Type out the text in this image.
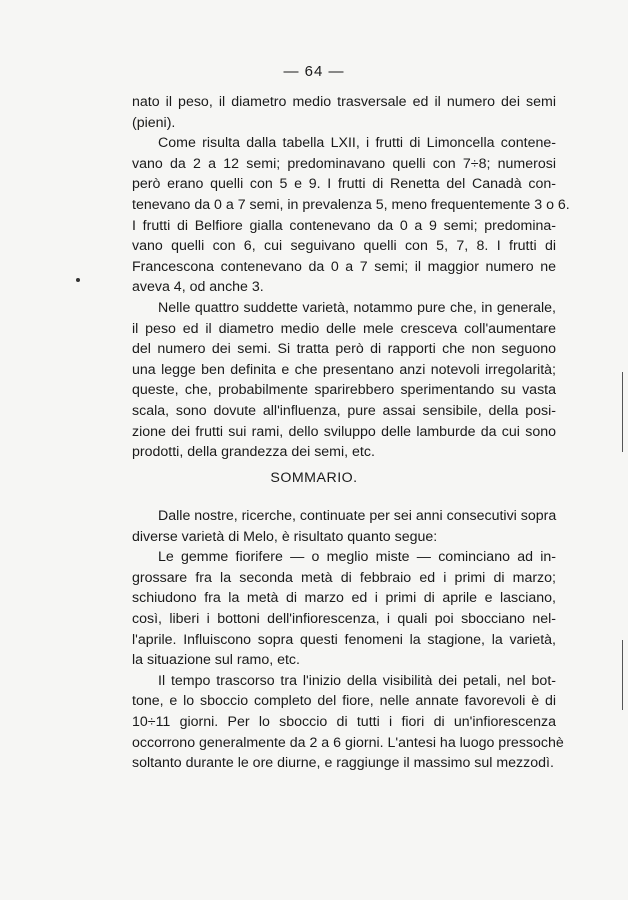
— 64 —
nato il peso, il diametro medio trasversale ed il numero dei semi
(pieni).
Come risulta dalla tabella LXII, i frutti di Limoncella contene-
vano da 2 a 12 semi; predominavano quelli con 7÷8; numerosi
però erano quelli con 5 e 9. I frutti di Renetta del Canadà con-
tenevano da 0 a 7 semi, in prevalenza 5, meno frequentemente 3 o 6.
I frutti di Belfiore gialla contenevano da 0 a 9 semi; predomina-
vano quelli con 6, cui seguivano quelli con 5, 7, 8. I frutti di
Francescona contenevano da 0 a 7 semi; il maggior numero ne
aveva 4, od anche 3.
Nelle quattro suddette varietà, notammo pure che, in generale,
il peso ed il diametro medio delle mele cresceva coll'aumentare
del numero dei semi. Si tratta però di rapporti che non seguono
una legge ben definita e che presentano anzi notevoli irregolarità;
queste, che, probabilmente sparirebbero sperimentando su vasta
scala, sono dovute all'influenza, pure assai sensibile, della posi-
zione dei frutti sui rami, dello sviluppo delle lamburde da cui sono
prodotti, della grandezza dei semi, etc.
SOMMARIO.
Dalle nostre, ricerche, continuate per sei anni consecutivi sopra
diverse varietà di Melo, è risultato quanto segue:
Le gemme fiorifere — o meglio miste — cominciano ad in-
grossare fra la seconda metà di febbraio ed i primi di marzo;
schiudono fra la metà di marzo ed i primi di aprile e lasciano,
così, liberi i bottoni dell'infiorescenza, i quali poi sbocciano nel-
l'aprile. Influiscono sopra questi fenomeni la stagione, la varietà,
la situazione sul ramo, etc.
Il tempo trascorso tra l'inizio della visibilità dei petali, nel bot-
tone, e lo sboccio completo del fiore, nelle annate favorevoli è di
10÷11 giorni. Per lo sboccio di tutti i fiori di un'infiorescenza
occorrono generalmente da 2 a 6 giorni. L'antesi ha luogo pressochè
soltanto durante le ore diurne, e raggiunge il massimo sul mezzodì.
